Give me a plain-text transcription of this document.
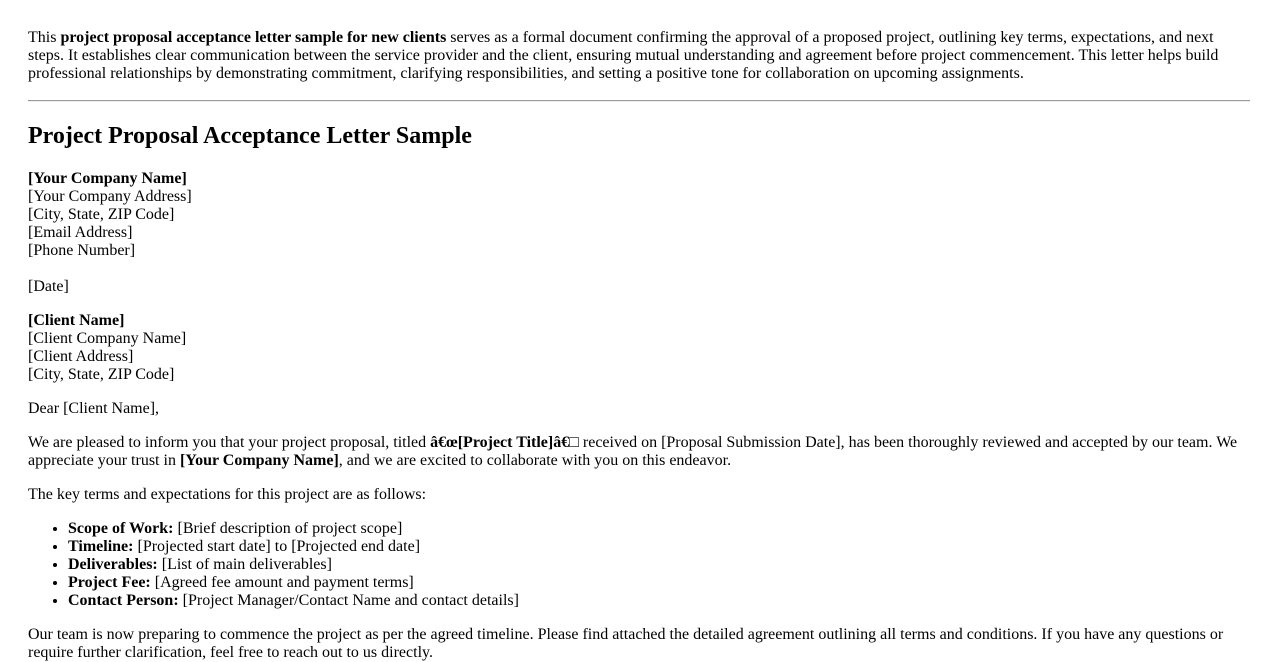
This project proposal acceptance letter sample for new clients serves as a formal document confirming the approval of a proposed project, outlining key terms, expectations, and next steps. It establishes clear communication between the service provider and the client, ensuring mutual understanding and agreement before project commencement. This letter helps build professional relationships by demonstrating commitment, clarifying responsibilities, and setting a positive tone for collaboration on upcoming assignments.

Project Proposal Acceptance Letter Sample
[Your Company Name]
[Your Company Address]
[City, State, ZIP Code]
[Email Address]
[Phone Number]
[Date]
[Client Name]
[Client Company Name]
[Client Address]
[City, State, ZIP Code]

Dear [Client Name],

We are pleased to inform you that your project proposal, titled â€œ[Project Title]â€□ received on [Proposal Submission Date], has been thoroughly reviewed and accepted by our team. We appreciate your trust in [Your Company Name], and we are excited to collaborate with you on this endeavor.

The key terms and expectations for this project are as follows:

• Scope of Work: [Brief description of project scope]
• Timeline: [Projected start date] to [Projected end date]
• Deliverables: [List of main deliverables]
• Project Fee: [Agreed fee amount and payment terms]
• Contact Person: [Project Manager/Contact Name and contact details]

Our team is now preparing to commence the project as per the agreed timeline. Please find attached the detailed agreement outlining all terms and conditions. If you have any questions or require further clarification, feel free to reach out to us directly.
